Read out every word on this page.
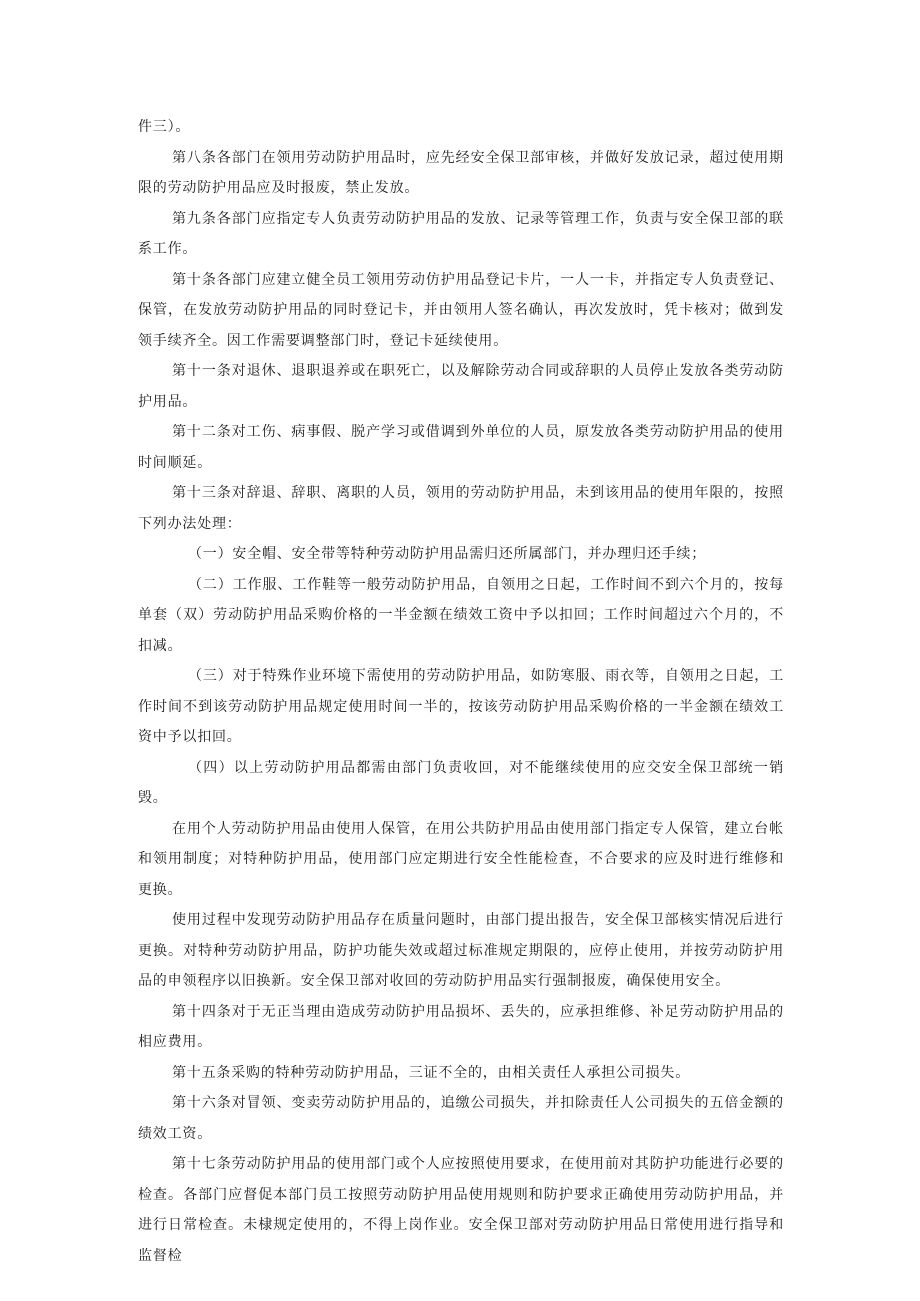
件三）。

第八条各部门在领用劳动防护用品时，应先经安全保卫部审核，并做好发放记录，超过使用期限的劳动防护用品应及时报废，禁止发放。

第九条各部门应指定专人负责劳动防护用品的发放、记录等管理工作，负责与安全保卫部的联系工作。

第十条各部门应建立健全员工领用劳动仿护用品登记卡片，一人一卡，并指定专人负责登记、保管，在发放劳动防护用品的同时登记卡，并由领用人签名确认，再次发放时，凭卡核对；做到发领手续齐全。因工作需要调整部门时，登记卡延续使用。

第十一条对退休、退职退养或在职死亡，以及解除劳动合同或辞职的人员停止发放各类劳动防护用品。

第十二条对工伤、病事假、脱产学习或借调到外单位的人员，原发放各类劳动防护用品的使用时间顺延。

第十三条对辞退、辞职、离职的人员，领用的劳动防护用品，未到该用品的使用年限的，按照下列办法处理：

（一）安全帽、安全带等特种劳动防护用品需归还所属部门，并办理归还手续；

（二）工作服、工作鞋等一般劳动防护用品，自领用之日起，工作时间不到六个月的，按每单套（双）劳动防护用品采购价格的一半金额在绩效工资中予以扣回；工作时间超过六个月的，不扣减。

（三）对于特殊作业环境下需使用的劳动防护用品，如防寒服、雨衣等，自领用之日起，工作时间不到该劳动防护用品规定使用时间一半的，按该劳动防护用品采购价格的一半金额在绩效工资中予以扣回。

（四）以上劳动防护用品都需由部门负责收回，对不能继续使用的应交安全保卫部统一销毁。

在用个人劳动防护用品由使用人保管，在用公共防护用品由使用部门指定专人保管，建立台帐和领用制度；对特种防护用品，使用部门应定期进行安全性能检查，不合要求的应及时进行维修和更换。

使用过程中发现劳动防护用品存在质量问题时，由部门提出报告，安全保卫部核实情况后进行更换。对特种劳动防护用品，防护功能失效或超过标准规定期限的，应停止使用，并按劳动防护用品的申领程序以旧换新。安全保卫部对收回的劳动防护用品实行强制报废，确保使用安全。

第十四条对于无正当理由造成劳动防护用品损坏、丢失的，应承担维修、补足劳动防护用品的相应费用。

第十五条采购的特种劳动防护用品，三证不全的，由相关责任人承担公司损失。

第十六条对冒领、变卖劳动防护用品的，追缴公司损失，并扣除责任人公司损失的五倍金额的绩效工资。

第十七条劳动防护用品的使用部门或个人应按照使用要求，在使用前对其防护功能进行必要的检查。各部门应督促本部门员工按照劳动防护用品使用规则和防护要求正确使用劳动防护用品，并进行日常检查。未棣规定使用的，不得上岗作业。安全保卫部对劳动防护用品日常使用进行指导和监督检
